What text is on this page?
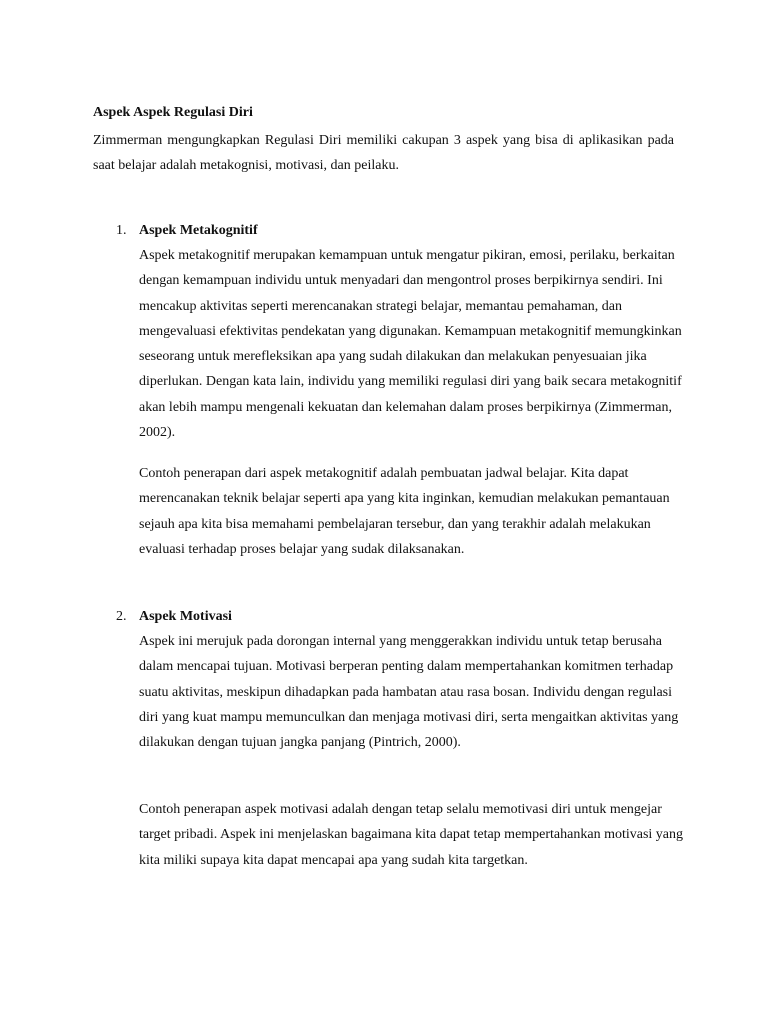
Aspek Aspek Regulasi Diri
Zimmerman mengungkapkan Regulasi Diri memiliki cakupan 3 aspek yang bisa di aplikasikan pada saat belajar adalah metakognisi, motivasi, dan peilaku.
1. Aspek Metakognitif
Aspek metakognitif merupakan kemampuan untuk mengatur pikiran, emosi, perilaku, berkaitan dengan kemampuan individu untuk menyadari dan mengontrol proses berpikirnya sendiri. Ini mencakup aktivitas seperti merencanakan strategi belajar, memantau pemahaman, dan mengevaluasi efektivitas pendekatan yang digunakan. Kemampuan metakognitif memungkinkan seseorang untuk merefleksikan apa yang sudah dilakukan dan melakukan penyesuaian jika diperlukan. Dengan kata lain, individu yang memiliki regulasi diri yang baik secara metakognitif akan lebih mampu mengenali kekuatan dan kelemahan dalam proses berpikirnya (Zimmerman, 2002).
Contoh penerapan dari aspek metakognitif adalah pembuatan jadwal belajar. Kita dapat merencanakan teknik belajar seperti apa yang kita inginkan, kemudian melakukan pemantauan sejauh apa kita bisa memahami pembelajaran tersebur, dan yang terakhir adalah melakukan evaluasi terhadap proses belajar yang sudak dilaksanakan.
2. Aspek Motivasi
Aspek ini merujuk pada dorongan internal yang menggerakkan individu untuk tetap berusaha dalam mencapai tujuan. Motivasi berperan penting dalam mempertahankan komitmen terhadap suatu aktivitas, meskipun dihadapkan pada hambatan atau rasa bosan. Individu dengan regulasi diri yang kuat mampu memunculkan dan menjaga motivasi diri, serta mengaitkan aktivitas yang dilakukan dengan tujuan jangka panjang (Pintrich, 2000).
Contoh penerapan aspek motivasi adalah dengan tetap selalu memotivasi diri untuk mengejar target pribadi. Aspek ini menjelaskan bagaimana kita dapat tetap mempertahankan motivasi yang kita miliki supaya kita dapat mencapai apa yang sudah kita targetkan.
